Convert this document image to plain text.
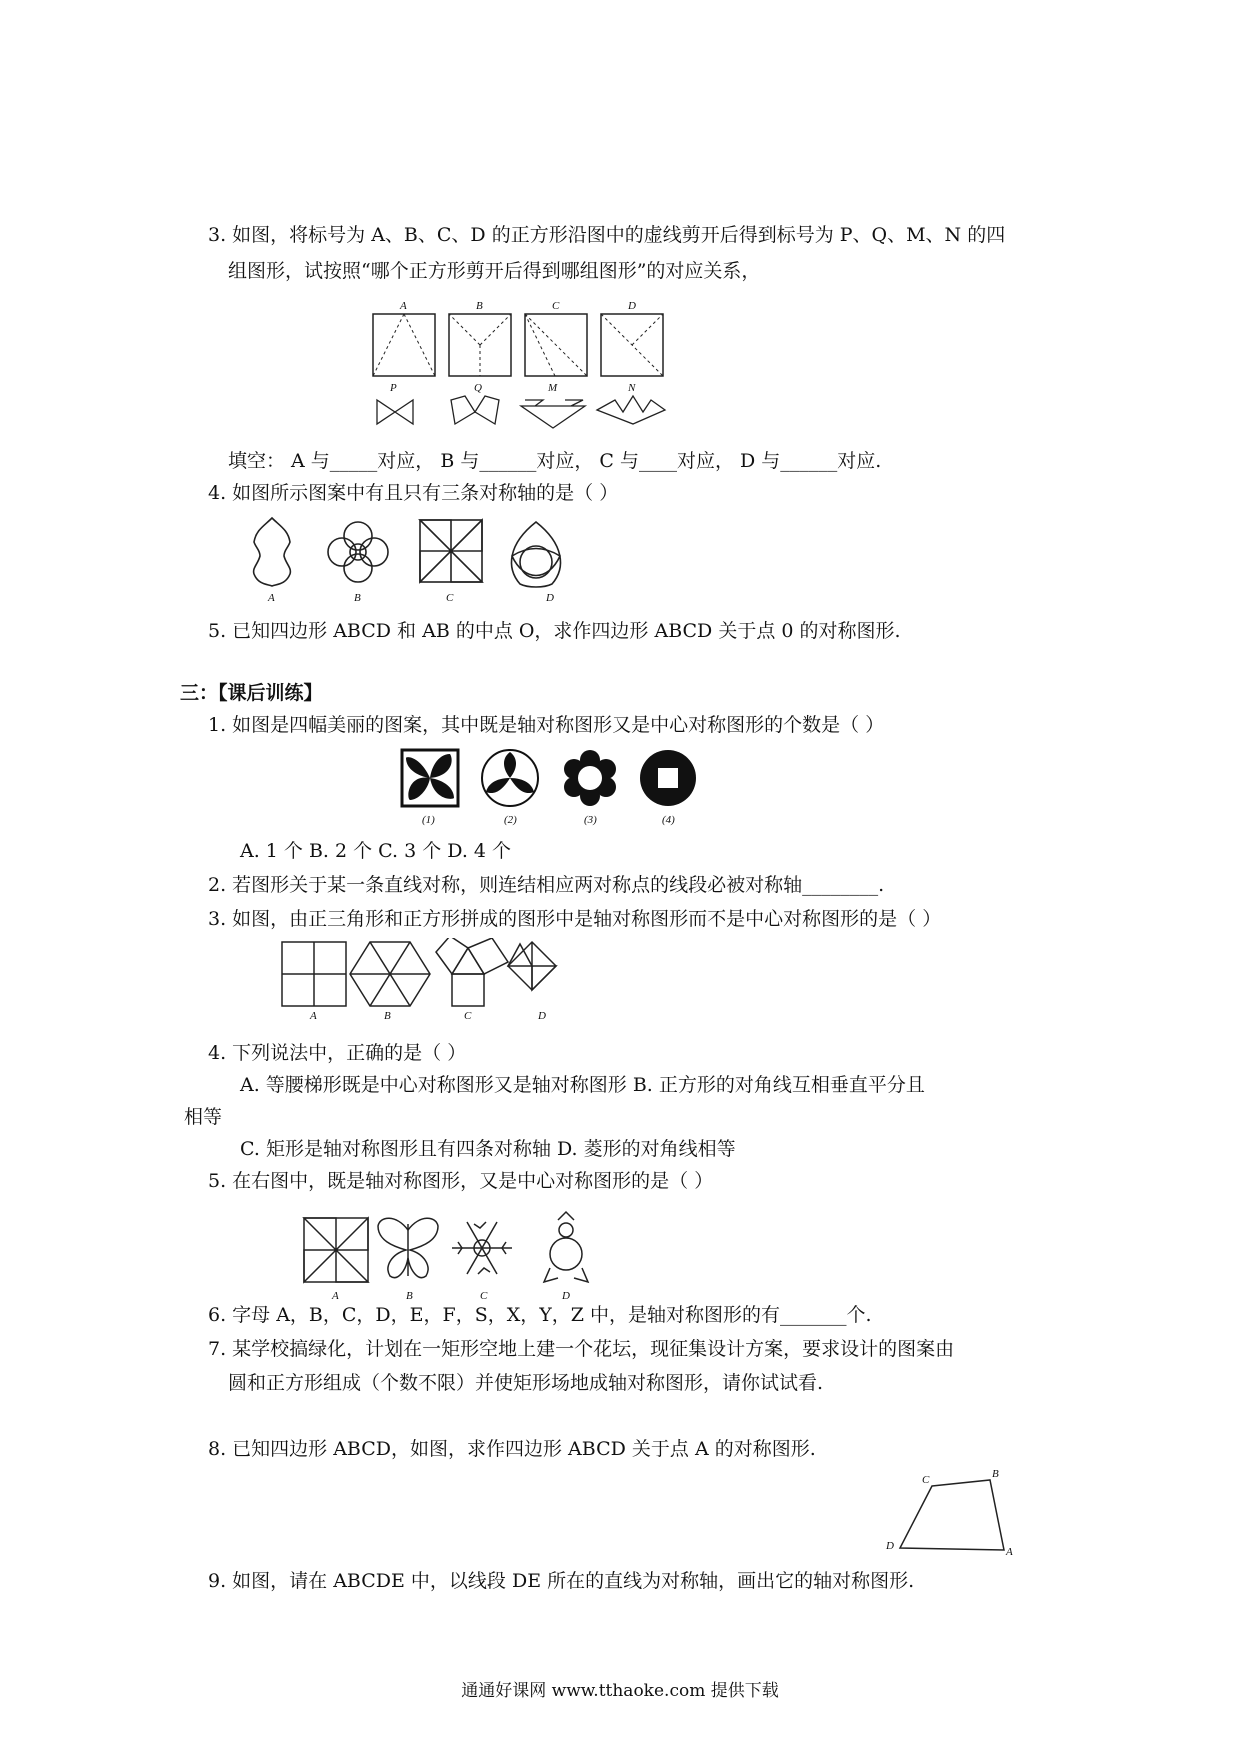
3. 如图，将标号为 A、B、C、D 的正方形沿图中的虚线剪开后得到标号为 P、Q、M、N 的四
组图形，试按照“哪个正方形剪开后得到哪组图形”的对应关系，
A	B	C	D
P	Q	M	N
填空： A 与_____对应， B 与______对应， C 与____对应， D 与______对应.
4. 如图所示图案中有且只有三条对称轴的是（ ）
A	B	C	D
5. 已知四边形 ABCD 和 AB 的中点 O，求作四边形 ABCD 关于点 0 的对称图形.
三：【课后训练】
1. 如图是四幅美丽的图案，其中既是轴对称图形又是中心对称图形的个数是（ ）
(1)	(2)	(3)	(4)
A. 1 个 B. 2 个 C. 3 个 D. 4 个
2. 若图形关于某一条直线对称，则连结相应两对称点的线段必被对称轴________.
3. 如图，由正三角形和正方形拼成的图形中是轴对称图形而不是中心对称图形的是（ ）
A	B	C	D
4. 下列说法中，正确的是（ ）
A. 等腰梯形既是中心对称图形又是轴对称图形 B. 正方形的对角线互相垂直平分且
相等
C. 矩形是轴对称图形且有四条对称轴 D. 菱形的对角线相等
5. 在右图中，既是轴对称图形，又是中心对称图形的是（ ）
A	B	C	D
6. 字母 A，B，C，D，E，F，S，X，Y，Z 中，是轴对称图形的有_______个.
7. 某学校搞绿化，计划在一矩形空地上建一个花坛，现征集设计方案，要求设计的图案由
圆和正方形组成（个数不限）并使矩形场地成轴对称图形，请你试试看.
8. 已知四边形 ABCD，如图，求作四边形 ABCD 关于点 A 的对称图形.
C	B
D	A
9. 如图，请在 ABCDE 中，以线段 DE 所在的直线为对称轴，画出它的轴对称图形.
通通好课网 www.tthaoke.com 提供下载
